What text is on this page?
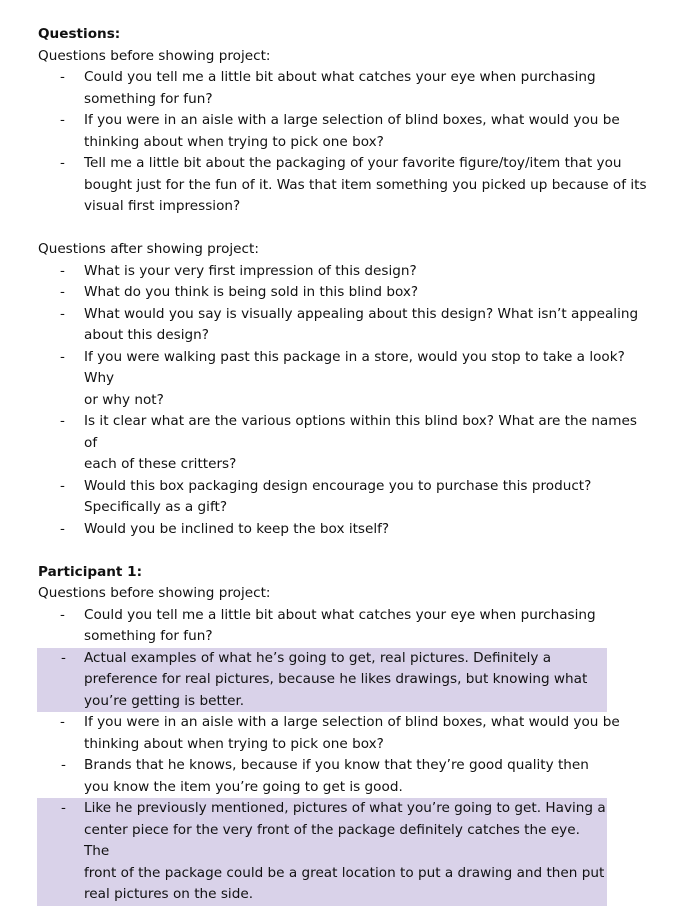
Questions:
Questions before showing project:
- Could you tell me a little bit about what catches your eye when purchasing
something for fun?
- If you were in an aisle with a large selection of blind boxes, what would you be
thinking about when trying to pick one box?
- Tell me a little bit about the packaging of your favorite figure/toy/item that you
bought just for the fun of it. Was that item something you picked up because of its
visual first impression?
Questions after showing project:
- What is your very first impression of this design?
- What do you think is being sold in this blind box?
- What would you say is visually appealing about this design? What isn’t appealing
about this design?
- If you were walking past this package in a store, would you stop to take a look? Why
or why not?
- Is it clear what are the various options within this blind box? What are the names of
each of these critters?
- Would this box packaging design encourage you to purchase this product?
Specifically as a gift?
- Would you be inclined to keep the box itself?
Participant 1:
Questions before showing project:
- Could you tell me a little bit about what catches your eye when purchasing
something for fun?
- Actual examples of what he’s going to get, real pictures. Definitely a
preference for real pictures, because he likes drawings, but knowing what
you’re getting is better.
- If you were in an aisle with a large selection of blind boxes, what would you be
thinking about when trying to pick one box?
- Brands that he knows, because if you know that they’re good quality then
you know the item you’re going to get is good.
- Like he previously mentioned, pictures of what you’re going to get. Having a
center piece for the very front of the package definitely catches the eye. The
front of the package could be a great location to put a drawing and then put
real pictures on the side.
